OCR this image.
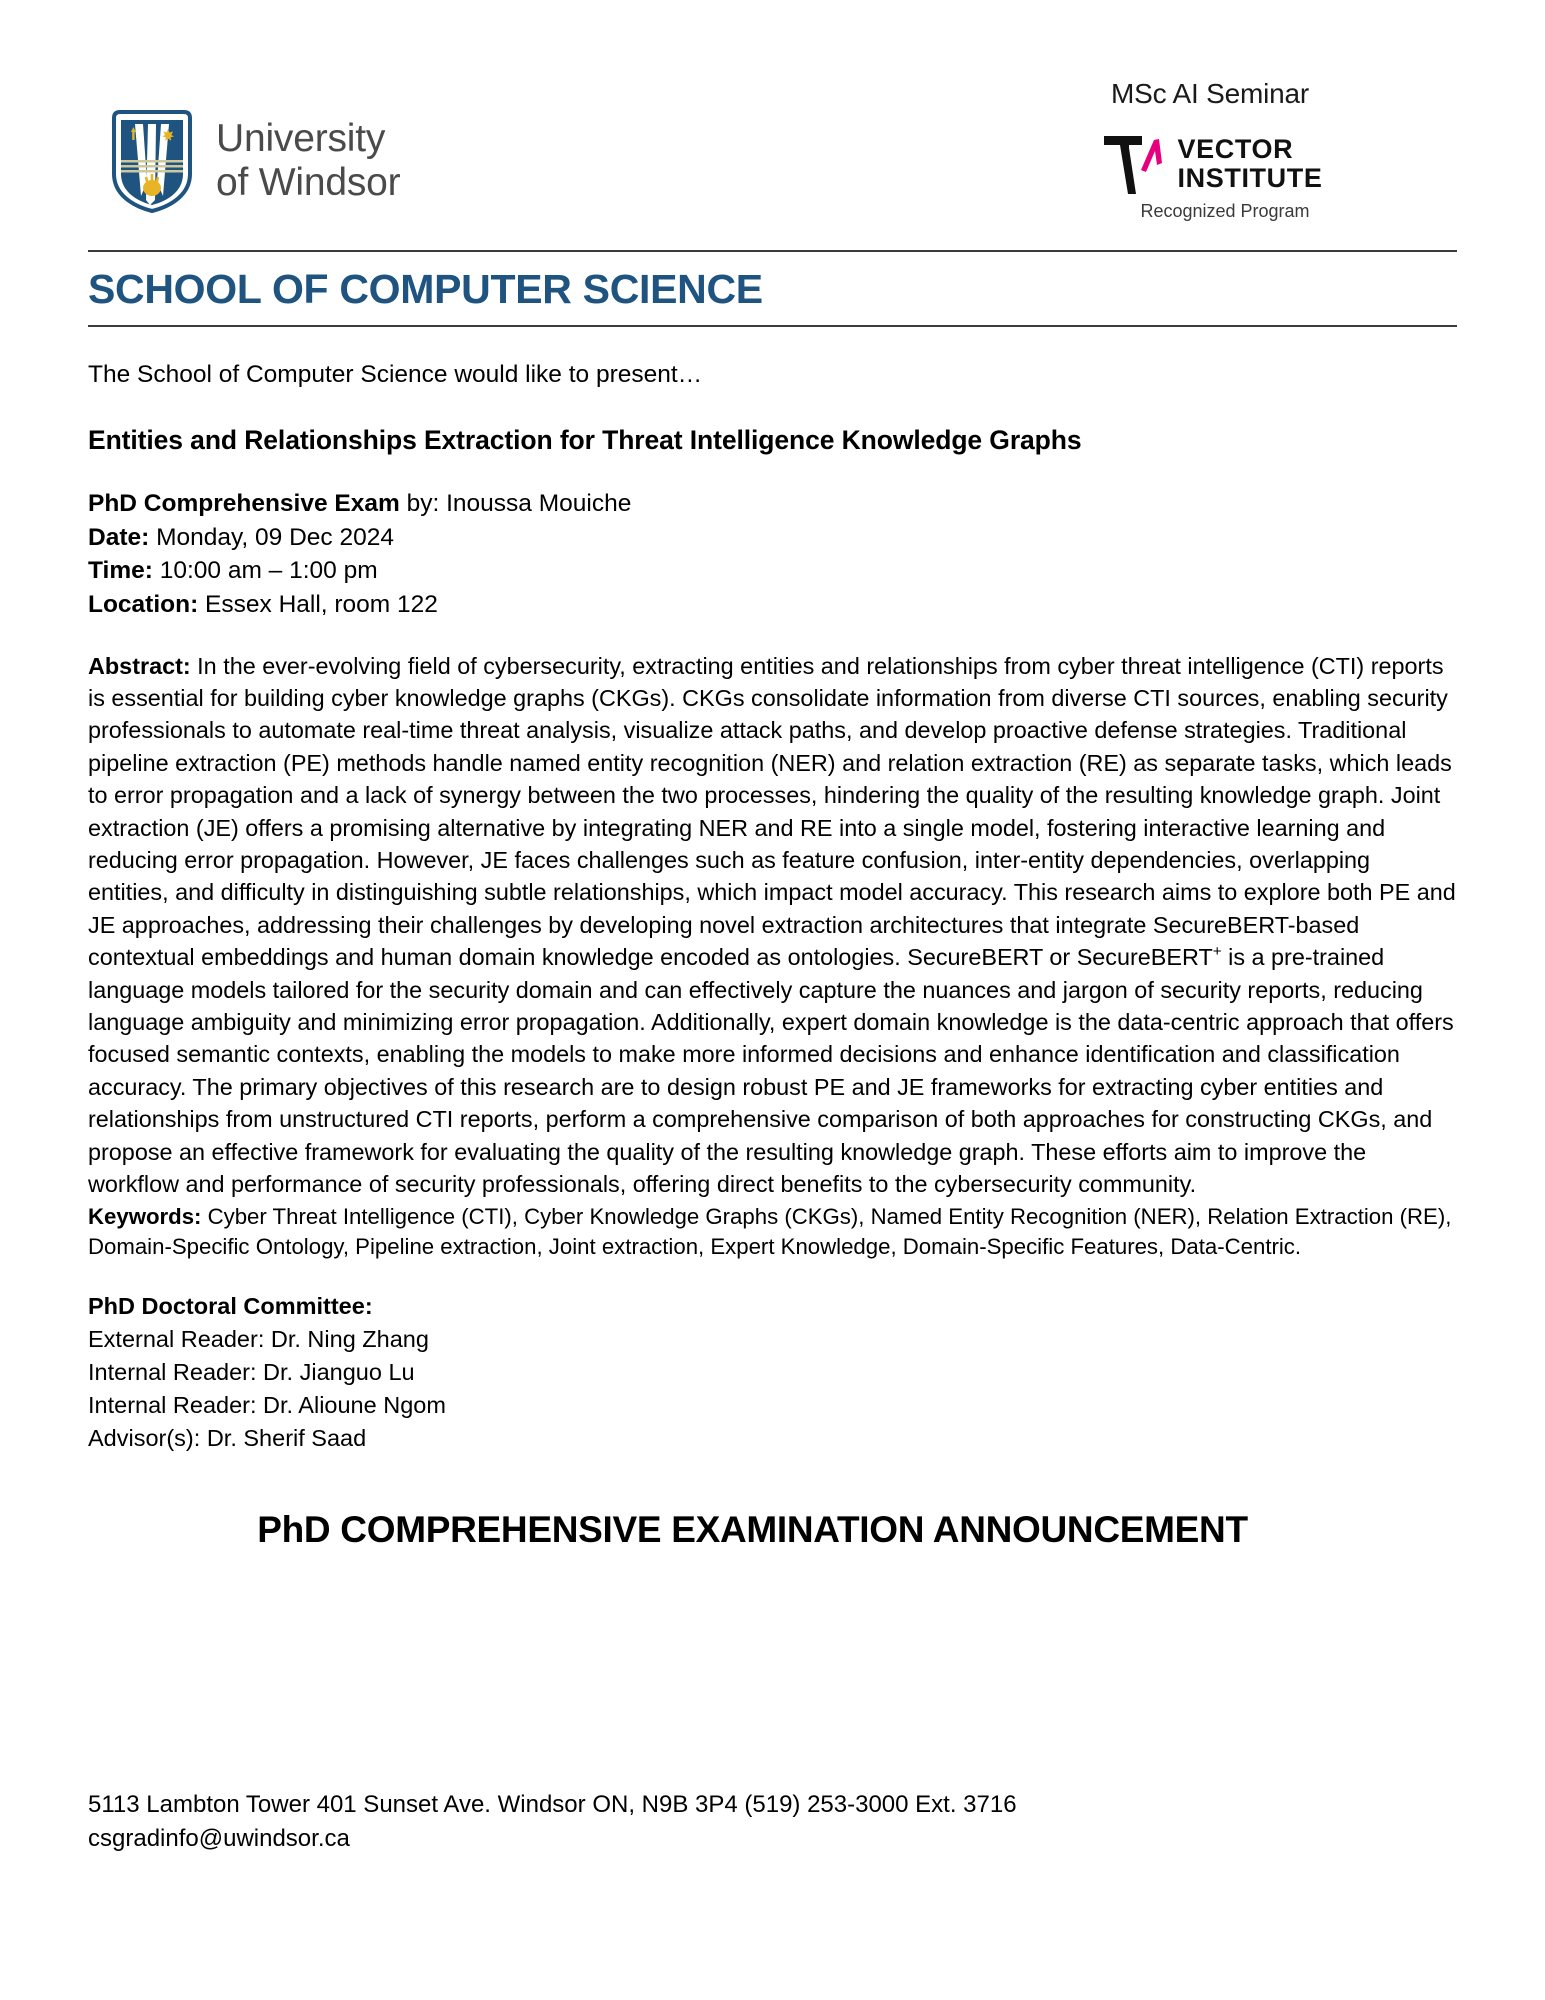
University
of Windsor
MSc AI Seminar
VECTOR
INSTITUTE
Recognized Program
SCHOOL OF COMPUTER SCIENCE
The School of Computer Science would like to present…
Entities and Relationships Extraction for Threat Intelligence Knowledge Graphs
PhD Comprehensive Exam by: Inoussa Mouiche
Date: Monday, 09 Dec 2024
Time: 10:00 am – 1:00 pm
Location: Essex Hall, room 122
Abstract: In the ever-evolving field of cybersecurity, extracting entities and relationships from cyber threat intelligence (CTI) reports is essential for building cyber knowledge graphs (CKGs). CKGs consolidate information from diverse CTI sources, enabling security professionals to automate real-time threat analysis, visualize attack paths, and develop proactive defense strategies. Traditional pipeline extraction (PE) methods handle named entity recognition (NER) and relation extraction (RE) as separate tasks, which leads to error propagation and a lack of synergy between the two processes, hindering the quality of the resulting knowledge graph. Joint extraction (JE) offers a promising alternative by integrating NER and RE into a single model, fostering interactive learning and reducing error propagation. However, JE faces challenges such as feature confusion, inter-entity dependencies, overlapping entities, and difficulty in distinguishing subtle relationships, which impact model accuracy. This research aims to explore both PE and JE approaches, addressing their challenges by developing novel extraction architectures that integrate SecureBERT-based contextual embeddings and human domain knowledge encoded as ontologies. SecureBERT or SecureBERT+ is a pre-trained language models tailored for the security domain and can effectively capture the nuances and jargon of security reports, reducing language ambiguity and minimizing error propagation. Additionally, expert domain knowledge is the data-centric approach that offers focused semantic contexts, enabling the models to make more informed decisions and enhance identification and classification accuracy. The primary objectives of this research are to design robust PE and JE frameworks for extracting cyber entities and relationships from unstructured CTI reports, perform a comprehensive comparison of both approaches for constructing CKGs, and propose an effective framework for evaluating the quality of the resulting knowledge graph. These efforts aim to improve the workflow and performance of security professionals, offering direct benefits to the cybersecurity community.
Keywords: Cyber Threat Intelligence (CTI), Cyber Knowledge Graphs (CKGs), Named Entity Recognition (NER), Relation Extraction (RE), Domain-Specific Ontology, Pipeline extraction, Joint extraction, Expert Knowledge, Domain-Specific Features, Data-Centric.
PhD Doctoral Committee:
External Reader: Dr. Ning Zhang
Internal Reader: Dr. Jianguo Lu
Internal Reader: Dr. Alioune Ngom
Advisor(s): Dr. Sherif Saad
PhD COMPREHENSIVE EXAMINATION ANNOUNCEMENT
5113 Lambton Tower 401 Sunset Ave. Windsor ON, N9B 3P4 (519) 253-3000 Ext. 3716
csgradinfo@uwindsor.ca
